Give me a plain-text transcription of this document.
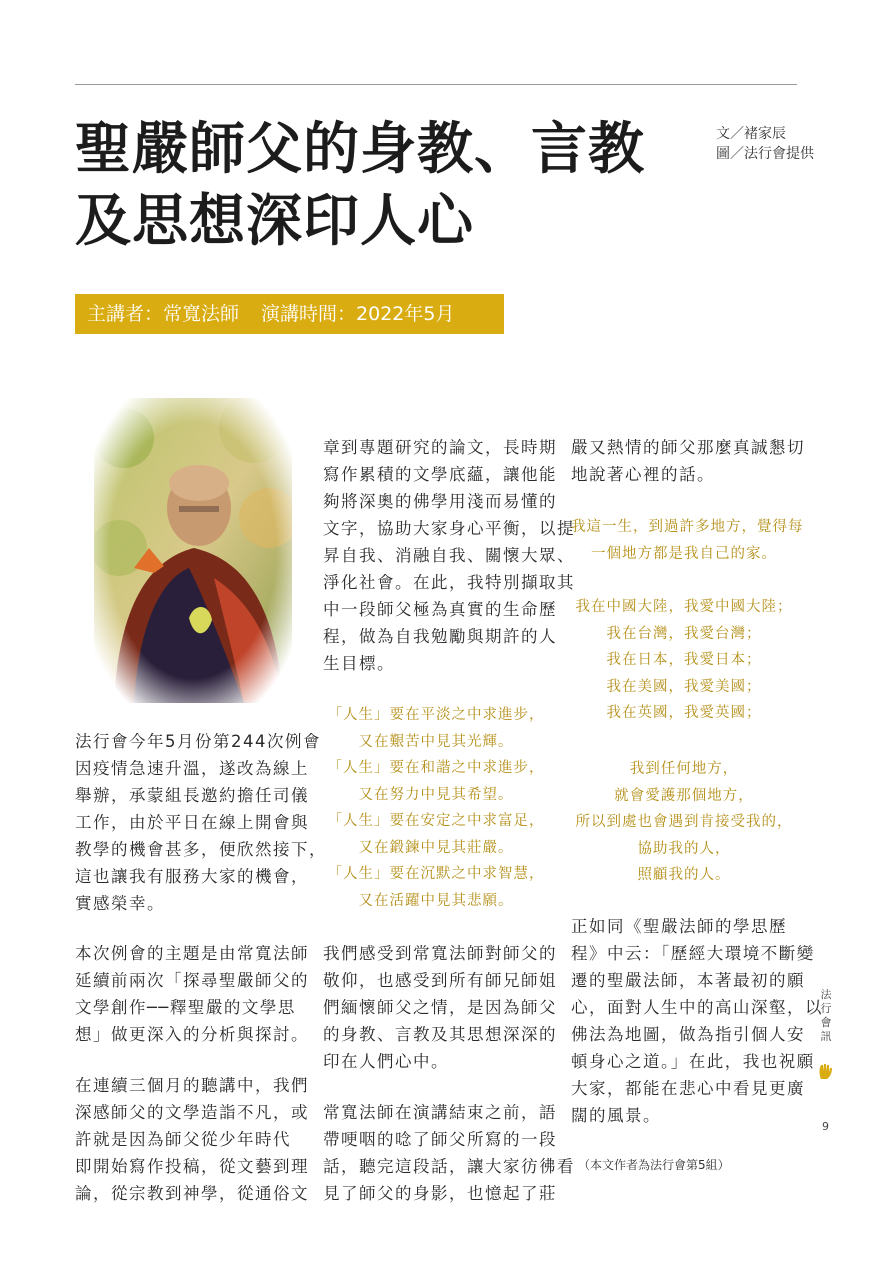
聖嚴師父的身教、言教
及思想深印人心
文／褚家辰
圖／法行會提供
主講者：常寬法師 演講時間：2022年5月
法行會今年5月份第244次例會
因疫情急速升溫，遂改為線上
舉辦，承蒙組長邀約擔任司儀
工作，由於平日在線上開會與
教學的機會甚多，便欣然接下，
這也讓我有服務大家的機會，
實感榮幸。
本次例會的主題是由常寬法師
延續前兩次「探尋聖嚴師父的
文學創作──釋聖嚴的文學思
想」做更深入的分析與探討。
在連續三個月的聽講中，我們
深感師父的文學造詣不凡，或
許就是因為師父從少年時代
即開始寫作投稿，從文藝到理
論，從宗教到神學，從通俗文
章到專題研究的論文，長時期
寫作累積的文學底蘊，讓他能
夠將深奧的佛學用淺而易懂的
文字，協助大家身心平衡，以提
昇自我、消融自我、關懷大眾、
淨化社會。在此，我特別擷取其
中一段師父極為真實的生命歷
程，做為自我勉勵與期許的人
生目標。
「人生」要在平淡之中求進步，
又在艱苦中見其光輝。
「人生」要在和諧之中求進步，
又在努力中見其希望。
「人生」要在安定之中求富足，
又在鍛鍊中見其莊嚴。
「人生」要在沉默之中求智慧，
又在活躍中見其悲願。
我們感受到常寬法師對師父的
敬仰，也感受到所有師兄師姐
們緬懷師父之情，是因為師父
的身教、言教及其思想深深的
印在人們心中。
常寬法師在演講結束之前，語
帶哽咽的唸了師父所寫的一段
話，聽完這段話，讓大家彷彿看
見了師父的身影，也憶起了莊
嚴又熱情的師父那麼真誠懇切
地說著心裡的話。
我這一生，到過許多地方，覺得每
一個地方都是我自己的家。
我在中國大陸，我愛中國大陸；
我在台灣，我愛台灣；
我在日本，我愛日本；
我在美國，我愛美國；
我在英國，我愛英國；
我到任何地方，
就會愛護那個地方，
所以到處也會遇到肯接受我的，
協助我的人，
照顧我的人。
正如同《聖嚴法師的學思歷
程》中云：「歷經大環境不斷變
遷的聖嚴法師，本著最初的願
心，面對人生中的高山深壑，以
佛法為地圖，做為指引個人安
頓身心之道。」在此，我也祝願
大家，都能在悲心中看見更廣
闊的風景。
（本文作者為法行會第5組）
法
行
會
訊
9
